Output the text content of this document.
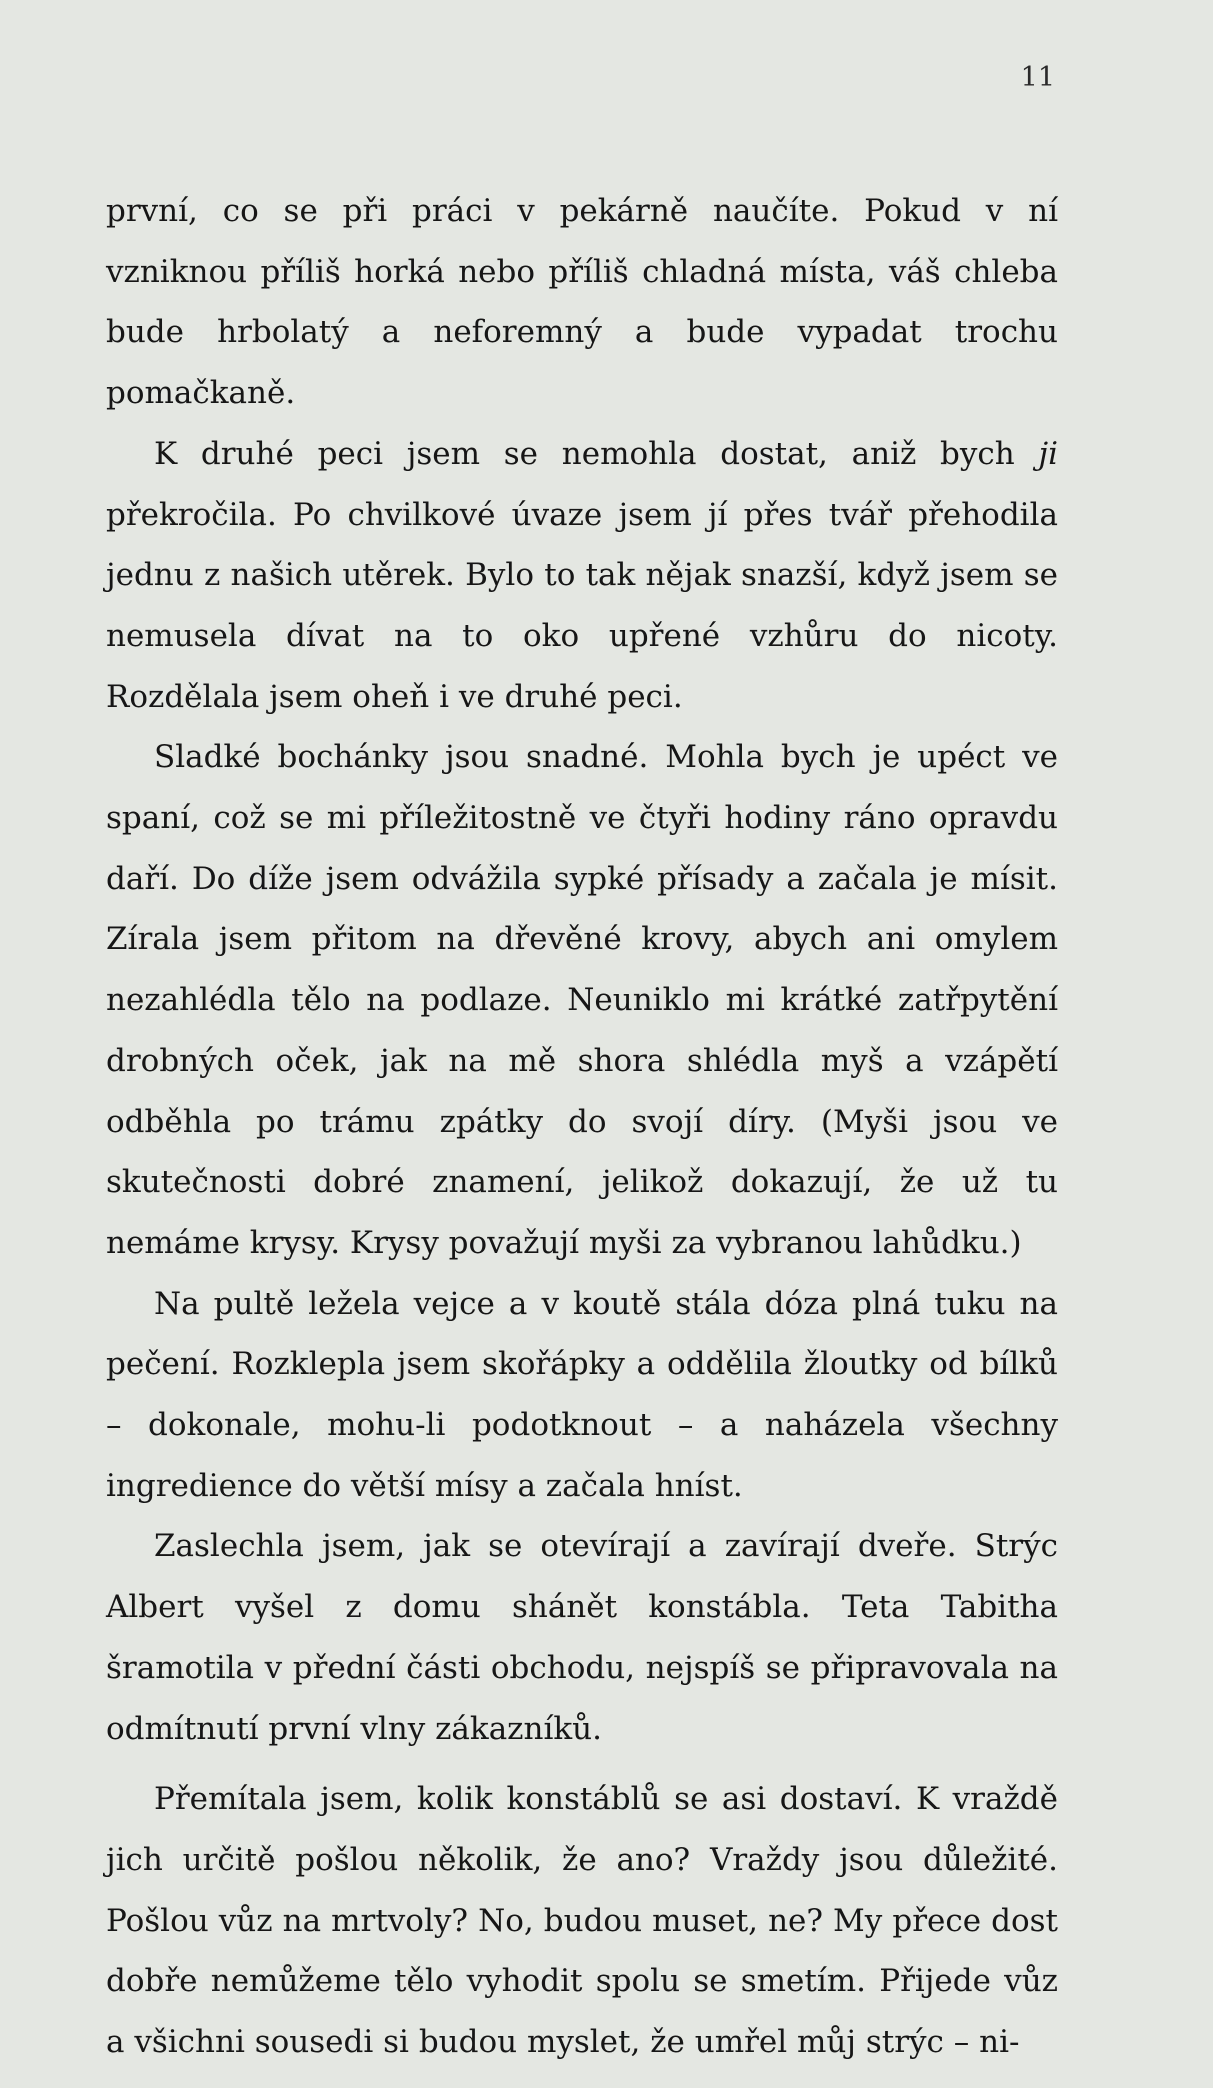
11

první, co se při práci v pekárně naučíte. Pokud v ní vzniknou příliš horká nebo příliš chladná místa, váš chleba bude hrbolatý a neforemný a bude vypadat trochu pomačkaně.

K druhé peci jsem se nemohla dostat, aniž bych ji překročila. Po chvilkové úvaze jsem jí přes tvář přehodila jednu z našich utěrek. Bylo to tak nějak snazší, když jsem se nemusela dívat na to oko upřené vzhůru do nicoty. Rozdělala jsem oheň i ve druhé peci.

Sladké bochánky jsou snadné. Mohla bych je upéct ve spaní, což se mi příležitostně ve čtyři hodiny ráno opravdu daří. Do díže jsem odvážila sypké přísady a začala je mísit. Zírala jsem přitom na dřevěné krovy, abych ani omylem nezahlédla tělo na podlaze. Neuniklo mi krátké zatřpytění drobných oček, jak na mě shora shlédla myš a vzápětí odběhla po trámu zpátky do svojí díry. (Myši jsou ve skutečnosti dobré znamení, jelikož dokazují, že už tu nemáme krysy. Krysy považují myši za vybranou lahůdku.)

Na pultě ležela vejce a v koutě stála dóza plná tuku na pečení. Rozklepla jsem skořápky a oddělila žloutky od bílků – dokonale, mohu-li podotknout – a naházela všechny ingredience do větší mísy a začala hníst.

Zaslechla jsem, jak se otevírají a zavírají dveře. Strýc Albert vyšel z domu shánět konstábla. Teta Tabitha šramotila v přední části obchodu, nejspíš se připravovala na odmítnutí první vlny zákazníků.

Přemítala jsem, kolik konstáblů se asi dostaví. K vraždě jich určitě pošlou několik, že ano? Vraždy jsou důležité. Pošlou vůz na mrtvoly? No, budou muset, ne? My přece dost dobře nemůžeme tělo vyhodit spolu se smetím. Přijede vůz a všichni sousedi si budou myslet, že umřel můj strýc – ni-
